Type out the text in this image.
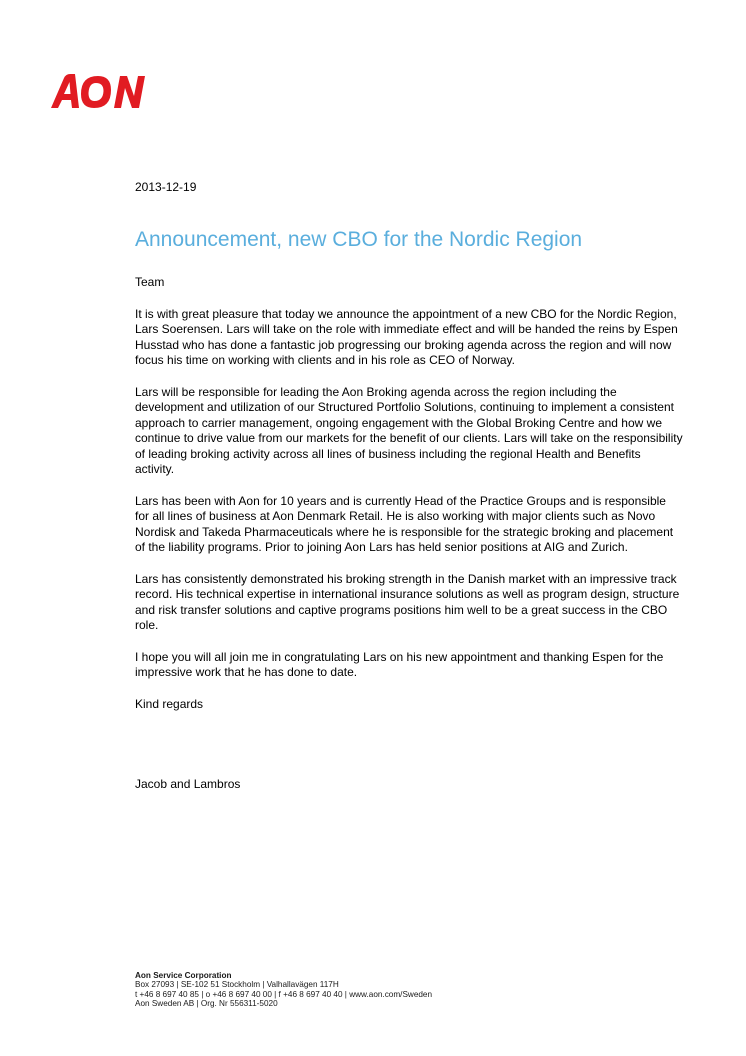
2013-12-19
Announcement, new CBO for the Nordic Region

Team

It is with great pleasure that today we announce the appointment of a new CBO for the Nordic Region, Lars Soerensen. Lars will take on the role with immediate effect and will be handed the reins by Espen Husstad who has done a fantastic job progressing our broking agenda across the region and will now focus his time on working with clients and in his role as CEO of Norway.

Lars will be responsible for leading the Aon Broking agenda across the region including the development and utilization of our Structured Portfolio Solutions, continuing to implement a consistent approach to carrier management, ongoing engagement with the Global Broking Centre and how we continue to drive value from our markets for the benefit of our clients. Lars will take on the responsibility of leading broking activity across all lines of business including the regional Health and Benefits activity.

Lars has been with Aon for 10 years and is currently Head of the Practice Groups and is responsible for all lines of business at Aon Denmark Retail. He is also working with major clients such as Novo Nordisk and Takeda Pharmaceuticals where he is responsible for the strategic broking and placement of the liability programs. Prior to joining Aon Lars has held senior positions at AIG and Zurich.

Lars has consistently demonstrated his broking strength in the Danish market with an impressive track record. His technical expertise in international insurance solutions as well as program design, structure and risk transfer solutions and captive programs positions him well to be a great success in the CBO role.

I hope you will all join me in congratulating Lars on his new appointment and thanking Espen for the impressive work that he has done to date.

Kind regards

Jacob and Lambros
Aon Service Corporation
Box 27093 | SE-102 51 Stockholm | Valhallavägen 117H
t +46 8 697 40 85 | o +46 8 697 40 00 | f +46 8 697 40 40 | www.aon.com/Sweden
Aon Sweden AB | Org. Nr 556311-5020
